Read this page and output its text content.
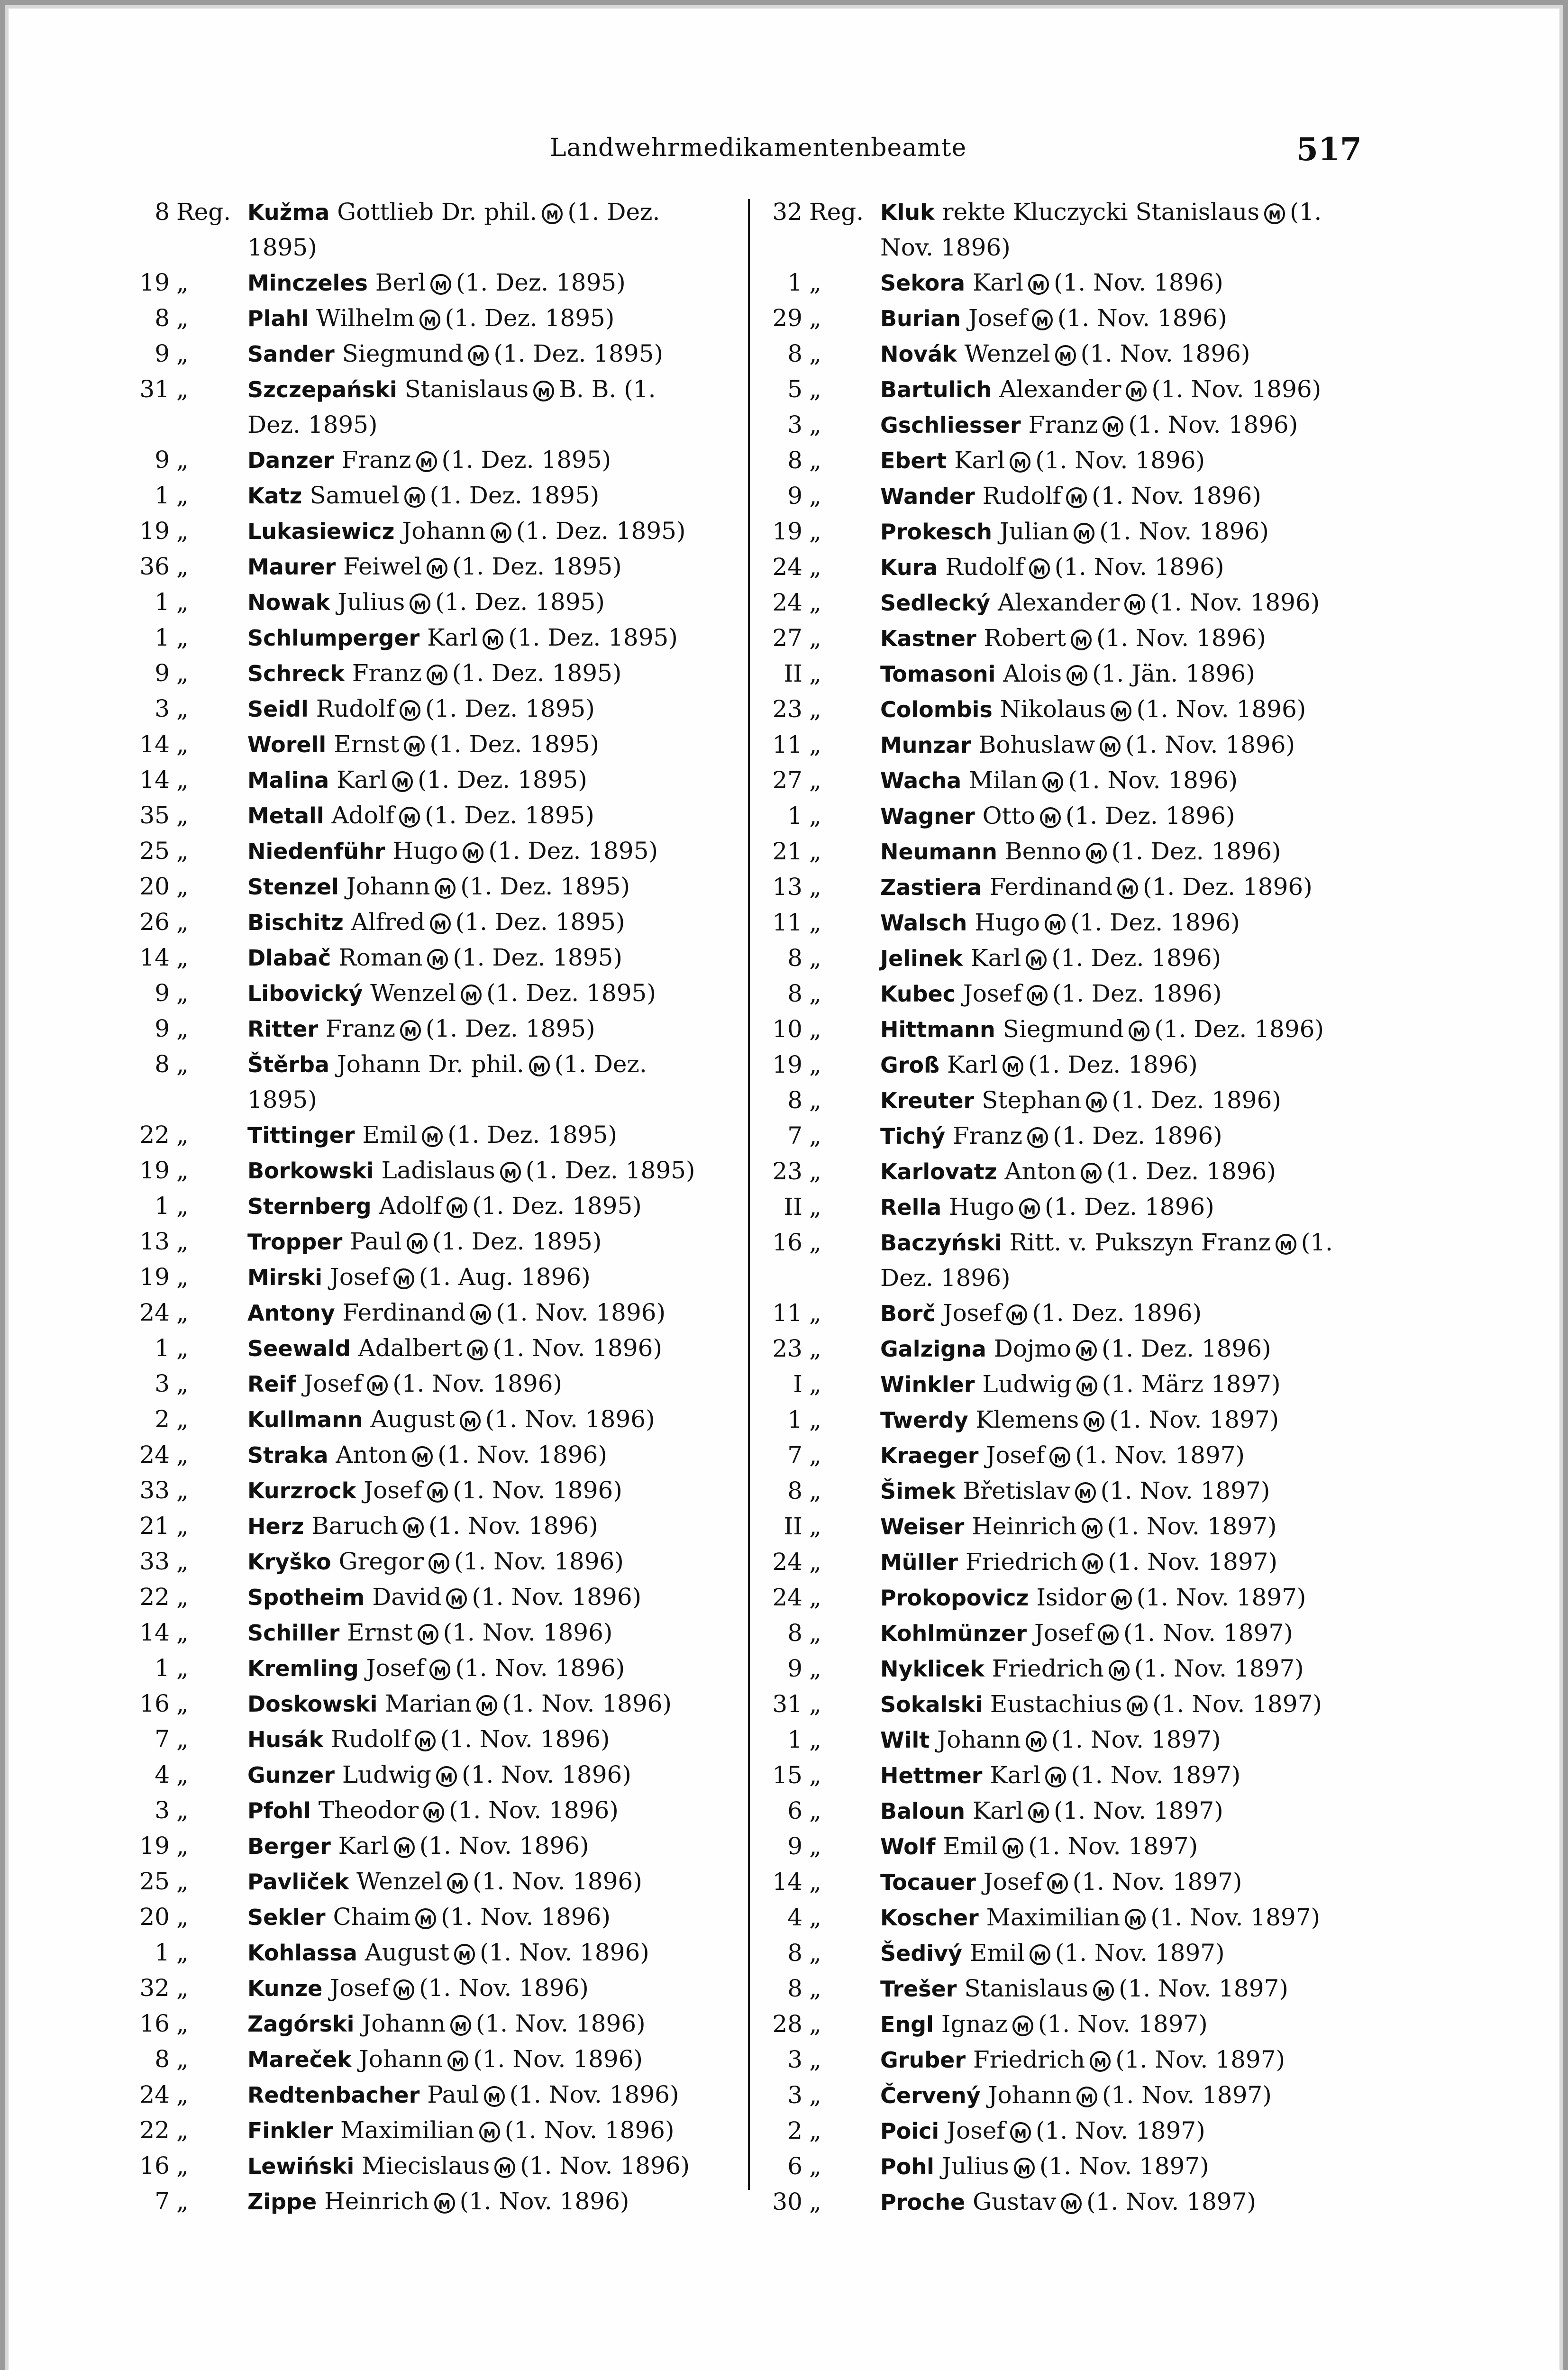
Landwehrmedikamentenbeamte	517
8 Reg. Kužma Gottlieb Dr. phil. M (1. Dez. 1895)
19 „	Minczeles Berl M (1. Dez. 1895)
8 „	Plahl Wilhelm M (1. Dez. 1895)
9 „	Sander Siegmund M (1. Dez. 1895)
31 „	Szczepański Stanislaus M B. B. (1. Dez. 1895)
9 „	Danzer Franz M (1. Dez. 1895)
1 „	Katz Samuel M (1. Dez. 1895)
19 „	Lukasiewicz Johann M (1. Dez. 1895)
36 „	Maurer Feiwel M (1. Dez. 1895)
1 „	Nowak Julius M (1. Dez. 1895)
1 „	Schlumperger Karl M (1. Dez. 1895)
9 „	Schreck Franz M (1. Dez. 1895)
3 „	Seidl Rudolf M (1. Dez. 1895)
14 „	Worell Ernst M (1. Dez. 1895)
14 „	Malina Karl M (1. Dez. 1895)
35 „	Metall Adolf M (1. Dez. 1895)
25 „	Niedenführ Hugo M (1. Dez. 1895)
20 „	Stenzel Johann M (1. Dez. 1895)
26 „	Bischitz Alfred M (1. Dez. 1895)
14 „	Dlabač Roman M (1. Dez. 1895)
9 „	Libovický Wenzel M (1. Dez. 1895)
9 „	Ritter Franz M (1. Dez. 1895)
8 „	Štěrba Johann Dr. phil. M (1. Dez. 1895)
22 „	Tittinger Emil M (1. Dez. 1895)
19 „	Borkowski Ladislaus M (1. Dez. 1895)
1 „	Sternberg Adolf M (1. Dez. 1895)
13 „	Tropper Paul M (1. Dez. 1895)
19 „	Mirski Josef M (1. Aug. 1896)
24 „	Antony Ferdinand M (1. Nov. 1896)
1 „	Seewald Adalbert M (1. Nov. 1896)
3 „	Reif Josef M (1. Nov. 1896)
2 „	Kullmann August M (1. Nov. 1896)
24 „	Straka Anton M (1. Nov. 1896)
33 „	Kurzrock Josef M (1. Nov. 1896)
21 „	Herz Baruch M (1. Nov. 1896)
33 „	Kryško Gregor M (1. Nov. 1896)
22 „	Spotheim David M (1. Nov. 1896)
14 „	Schiller Ernst M (1. Nov. 1896)
1 „	Kremling Josef M (1. Nov. 1896)
16 „	Doskowski Marian M (1. Nov. 1896)
7 „	Husák Rudolf M (1. Nov. 1896)
4 „	Gunzer Ludwig M (1. Nov. 1896)
3 „	Pfohl Theodor M (1. Nov. 1896)
19 „	Berger Karl M (1. Nov. 1896)
25 „	Pavliček Wenzel M (1. Nov. 1896)
20 „	Sekler Chaim M (1. Nov. 1896)
1 „	Kohlassa August M (1. Nov. 1896)
32 „	Kunze Josef M (1. Nov. 1896)
16 „	Zagórski Johann M (1. Nov. 1896)
8 „	Mareček Johann M (1. Nov. 1896)
24 „	Redtenbacher Paul M (1. Nov. 1896)
22 „	Finkler Maximilian M (1. Nov. 1896)
16 „	Lewiński Miecislaus M (1. Nov. 1896)
7 „	Zippe Heinrich M (1. Nov. 1896)
32 Reg. Kluk rekte Kluczycki Stanislaus M (1. Nov. 1896)
1 „	Sekora Karl M (1. Nov. 1896)
29 „	Burian Josef M (1. Nov. 1896)
8 „	Novák Wenzel M (1. Nov. 1896)
5 „	Bartulich Alexander M (1. Nov. 1896)
3 „	Gschliesser Franz M (1. Nov. 1896)
8 „	Ebert Karl M (1. Nov. 1896)
9 „	Wander Rudolf M (1. Nov. 1896)
19 „	Prokesch Julian M (1. Nov. 1896)
24 „	Kura Rudolf M (1. Nov. 1896)
24 „	Sedlecký Alexander M (1. Nov. 1896)
27 „	Kastner Robert M (1. Nov. 1896)
II „	Tomasoni Alois M (1. Jän. 1896)
23 „	Colombis Nikolaus M (1. Nov. 1896)
11 „	Munzar Bohuslaw M (1. Nov. 1896)
27 „	Wacha Milan M (1. Nov. 1896)
1 „	Wagner Otto M (1. Dez. 1896)
21 „	Neumann Benno M (1. Dez. 1896)
13 „	Zastiera Ferdinand M (1. Dez. 1896)
11 „	Walsch Hugo M (1. Dez. 1896)
8 „	Jelinek Karl M (1. Dez. 1896)
8 „	Kubec Josef M (1. Dez. 1896)
10 „	Hittmann Siegmund M (1. Dez. 1896)
19 „	Groß Karl M (1. Dez. 1896)
8 „	Kreuter Stephan M (1. Dez. 1896)
7 „	Tichý Franz M (1. Dez. 1896)
23 „	Karlovatz Anton M (1. Dez. 1896)
II „	Rella Hugo M (1. Dez. 1896)
16 „	Baczyński Ritt. v. Pukszyn Franz M (1. Dez. 1896)
11 „	Borč Josef M (1. Dez. 1896)
23 „	Galzigna Dojmo M (1. Dez. 1896)
I „	Winkler Ludwig M (1. März 1897)
1 „	Twerdy Klemens M (1. Nov. 1897)
7 „	Kraeger Josef M (1. Nov. 1897)
8 „	Šimek Břetislav M (1. Nov. 1897)
II „	Weiser Heinrich M (1. Nov. 1897)
24 „	Müller Friedrich M (1. Nov. 1897)
24 „	Prokopovicz Isidor M (1. Nov. 1897)
8 „	Kohlmünzer Josef M (1. Nov. 1897)
9 „	Nyklicek Friedrich M (1. Nov. 1897)
31 „	Sokalski Eustachius M (1. Nov. 1897)
1 „	Wilt Johann M (1. Nov. 1897)
15 „	Hettmer Karl M (1. Nov. 1897)
6 „	Baloun Karl M (1. Nov. 1897)
9 „	Wolf Emil M (1. Nov. 1897)
14 „	Tocauer Josef M (1. Nov. 1897)
4 „	Koscher Maximilian M (1. Nov. 1897)
8 „	Šedivý Emil M (1. Nov. 1897)
8 „	Trešer Stanislaus M (1. Nov. 1897)
28 „	Engl Ignaz M (1. Nov. 1897)
3 „	Gruber Friedrich M (1. Nov. 1897)
3 „	Červený Johann M (1. Nov. 1897)
2 „	Poici Josef M (1. Nov. 1897)
6 „	Pohl Julius M (1. Nov. 1897)
30 „	Proche Gustav M (1. Nov. 1897)
